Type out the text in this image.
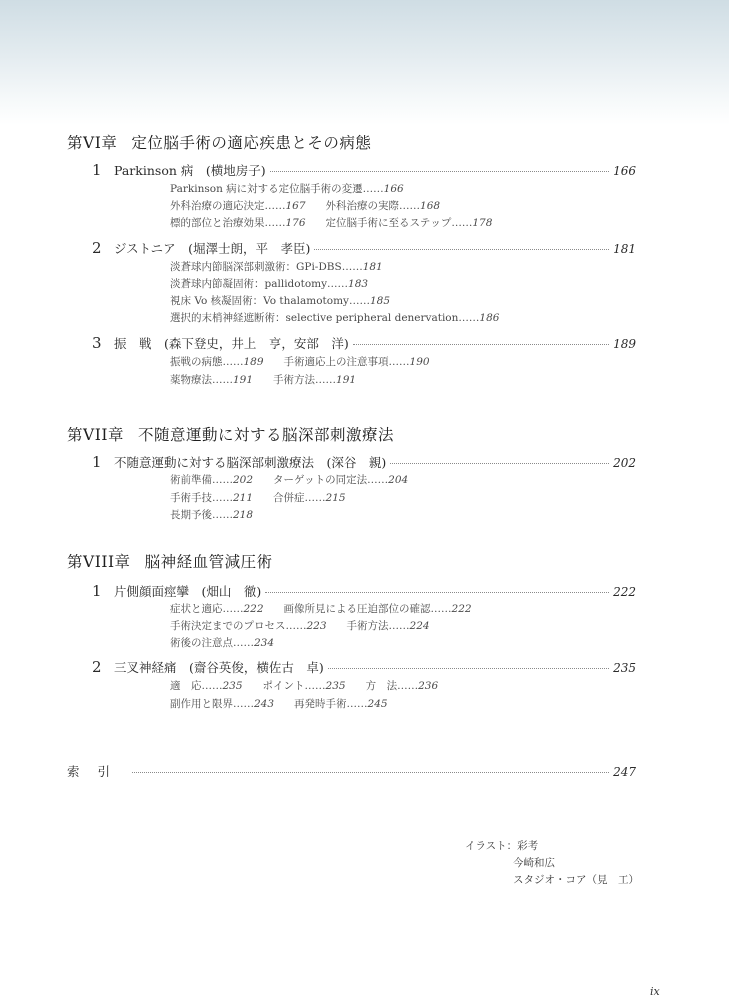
第VI章 定位脳手術の適応疾患とその病態
1 Parkinson 病　(横地房子)	166
Parkinson 病に対する定位脳手術の変遷……166
外科治療の適応決定……167 外科治療の実際……168
標的部位と治療効果……176 定位脳手術に至るステップ……178
2 ジストニア　(堀澤士朗，平　孝臣)	181
淡蒼球内節脳深部刺激術：GPi-DBS……181
淡蒼球内節凝固術：pallidotomy……183
視床 Vo 核凝固術：Vo thalamotomy……185
選択的末梢神経遮断術：selective peripheral denervation……186
3 振　戦　(森下登史，井上　亨，安部　洋)	189
振戦の病態……189 手術適応上の注意事項……190
薬物療法……191 手術方法……191
第VII章 不随意運動に対する脳深部刺激療法
1 不随意運動に対する脳深部刺激療法　(深谷　親)	202
術前準備……202 ターゲットの同定法……204
手術手技……211 合併症……215
長期予後……218
第VIII章 脳神経血管減圧術
1 片側顔面痙攣　(畑山　徹)	222
症状と適応……222 画像所見による圧迫部位の確認……222
手術決定までのプロセス……223 手術方法……224
術後の注意点……234
2 三叉神経痛　(齋谷英俊，横佐古　卓)	235
適　応……235 ポイント……235 方　法……236
副作用と限界……243 再発時手術……245
索引	247
イラスト：彩考
今崎和広
スタジオ・コア（見　工）
ix
